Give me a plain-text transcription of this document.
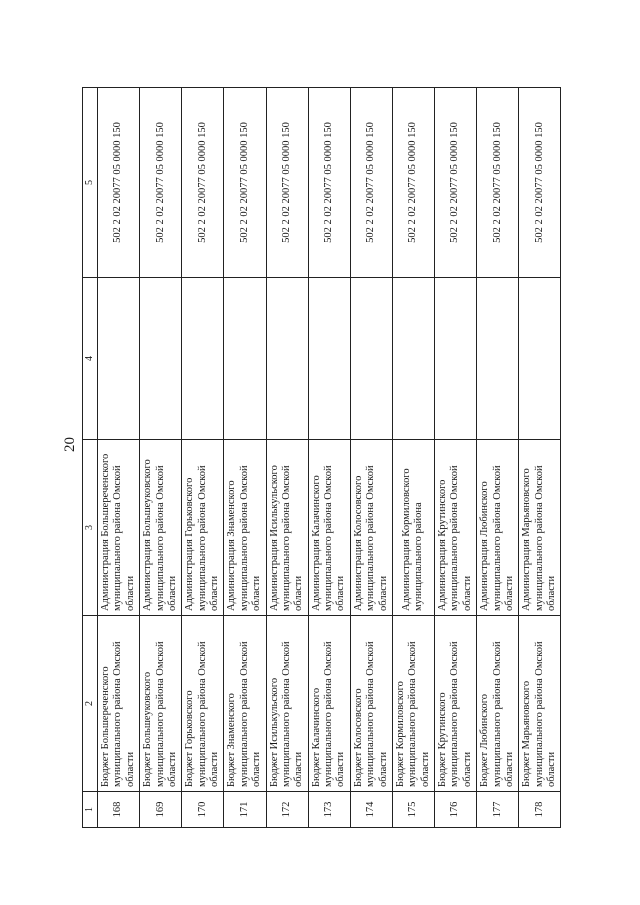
20
1	2	3	4	5
168	Бюджет Большереченского муниципального района Омской области	Администрация Большереченского муниципального района Омской области		502 2 02 20077 05 0000 150
169	Бюджет Большеуковского муниципального района Омской области	Администрация Большеуковского муниципального района Омской области		502 2 02 20077 05 0000 150
170	Бюджет Горьковского муниципального района Омской области	Администрация Горьковского муниципального района Омской области		502 2 02 20077 05 0000 150
171	Бюджет Знаменского муниципального района Омской области	Администрация Знаменского муниципального района Омской области		502 2 02 20077 05 0000 150
172	Бюджет Исилькульского муниципального района Омской области	Администрация Исилькульского муниципального района Омской области		502 2 02 20077 05 0000 150
173	Бюджет Калачинского муниципального района Омской области	Администрация Калачинского муниципального района Омской области		502 2 02 20077 05 0000 150
174	Бюджет Колосовского муниципального района Омской области	Администрация Колосовского муниципального района Омской области		502 2 02 20077 05 0000 150
175	Бюджет Кормиловского муниципального района Омской области	Администрация Кормиловского муниципального района		502 2 02 20077 05 0000 150
176	Бюджет Крутинского муниципального района Омской области	Администрация Крутинского муниципального района Омской области		502 2 02 20077 05 0000 150
177	Бюджет Любинского муниципального района Омской области	Администрация Любинского муниципального района Омской области		502 2 02 20077 05 0000 150
178	Бюджет Марьяновского муниципального района Омской области	Администрация Марьяновского муниципального района Омской области		502 2 02 20077 05 0000 150
